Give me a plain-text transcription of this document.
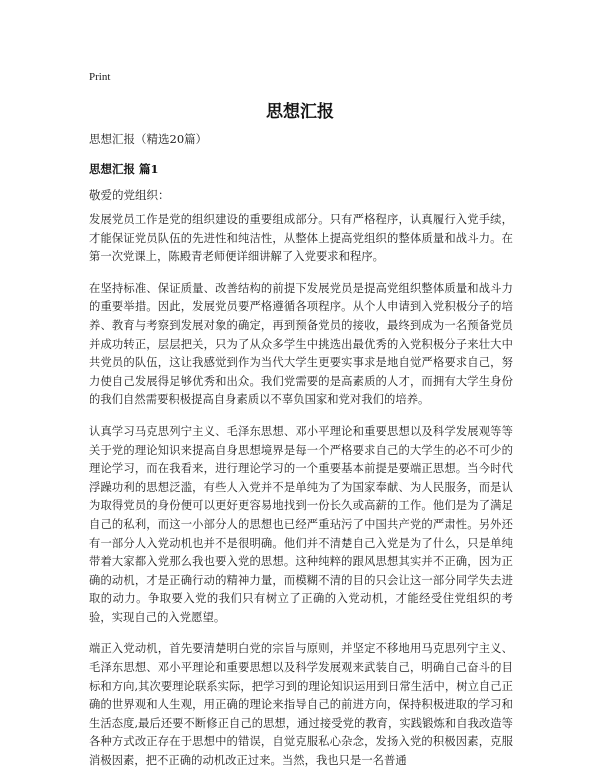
Print
思想汇报
思想汇报（精选20篇）
思想汇报 篇1
敬爱的党组织：

发展党员工作是党的组织建设的重要组成部分。只有严格程序，认真履行入党手续，才能保证党员队伍的先进性和纯洁性，从整体上提高党组织的整体质量和战斗力。在第一次党课上，陈殿青老师便详细讲解了入党要求和程序。

在坚持标准、保证质量、改善结构的前提下发展党员是提高党组织整体质量和战斗力的重要举措。因此，发展党员要严格遵循各项程序。从个人申请到入党积极分子的培养、教育与考察到发展对象的确定，再到预备党员的接收，最终到成为一名预备党员并成功转正，层层把关，只为了从众多学生中挑选出最优秀的入党积极分子来壮大中共党员的队伍，这让我感觉到作为当代大学生更要实事求是地自觉严格要求自己，努力使自己发展得足够优秀和出众。我们党需要的是高素质的人才，而拥有大学生身份的我们自然需要积极提高自身素质以不辜负国家和党对我们的培养。

认真学习马克思列宁主义、毛泽东思想、邓小平理论和重要思想以及科学发展观等等关于党的理论知识来提高自身思想境界是每一个严格要求自己的大学生的必不可少的理论学习，而在我看来，进行理论学习的一个重要基本前提是要端正思想。当今时代浮躁功利的思想泛滥，有些人入党并不是单纯为了为国家奉献、为人民服务，而是认为取得党员的身份便可以更好更容易地找到一份长久或高薪的工作。他们是为了满足自己的私利，而这一小部分人的思想也已经严重玷污了中国共产党的严肃性。另外还有一部分人入党动机也并不是很明确。他们并不清楚自己入党是为了什么，只是单纯带着大家都入党那么我也要入党的思想。这种纯粹的跟风思想其实并不正确，因为正确的动机，才是正确行动的精神力量，而模糊不清的目的只会让这一部分同学失去进取的动力。争取要入党的我们只有树立了正确的入党动机，才能经受住党组织的考验，实现自己的入党愿望。

端正入党动机，首先要清楚明白党的宗旨与原则，并坚定不移地用马克思列宁主义、毛泽东思想、邓小平理论和重要思想以及科学发展观来武装自己，明确自己奋斗的目标和方向,其次要理论联系实际，把学习到的理论知识运用到日常生活中，树立自己正确的世界观和人生观，用正确的理论来指导自己的前进方向，保持积极进取的学习和生活态度,最后还要不断修正自己的思想，通过接受党的教育，实践锻炼和自我改造等各种方式改正存在于思想中的错误，自觉克服私心杂念，发扬入党的积极因素，克服消极因素，把不正确的动机改正过来。当然，我也只是一名普通
